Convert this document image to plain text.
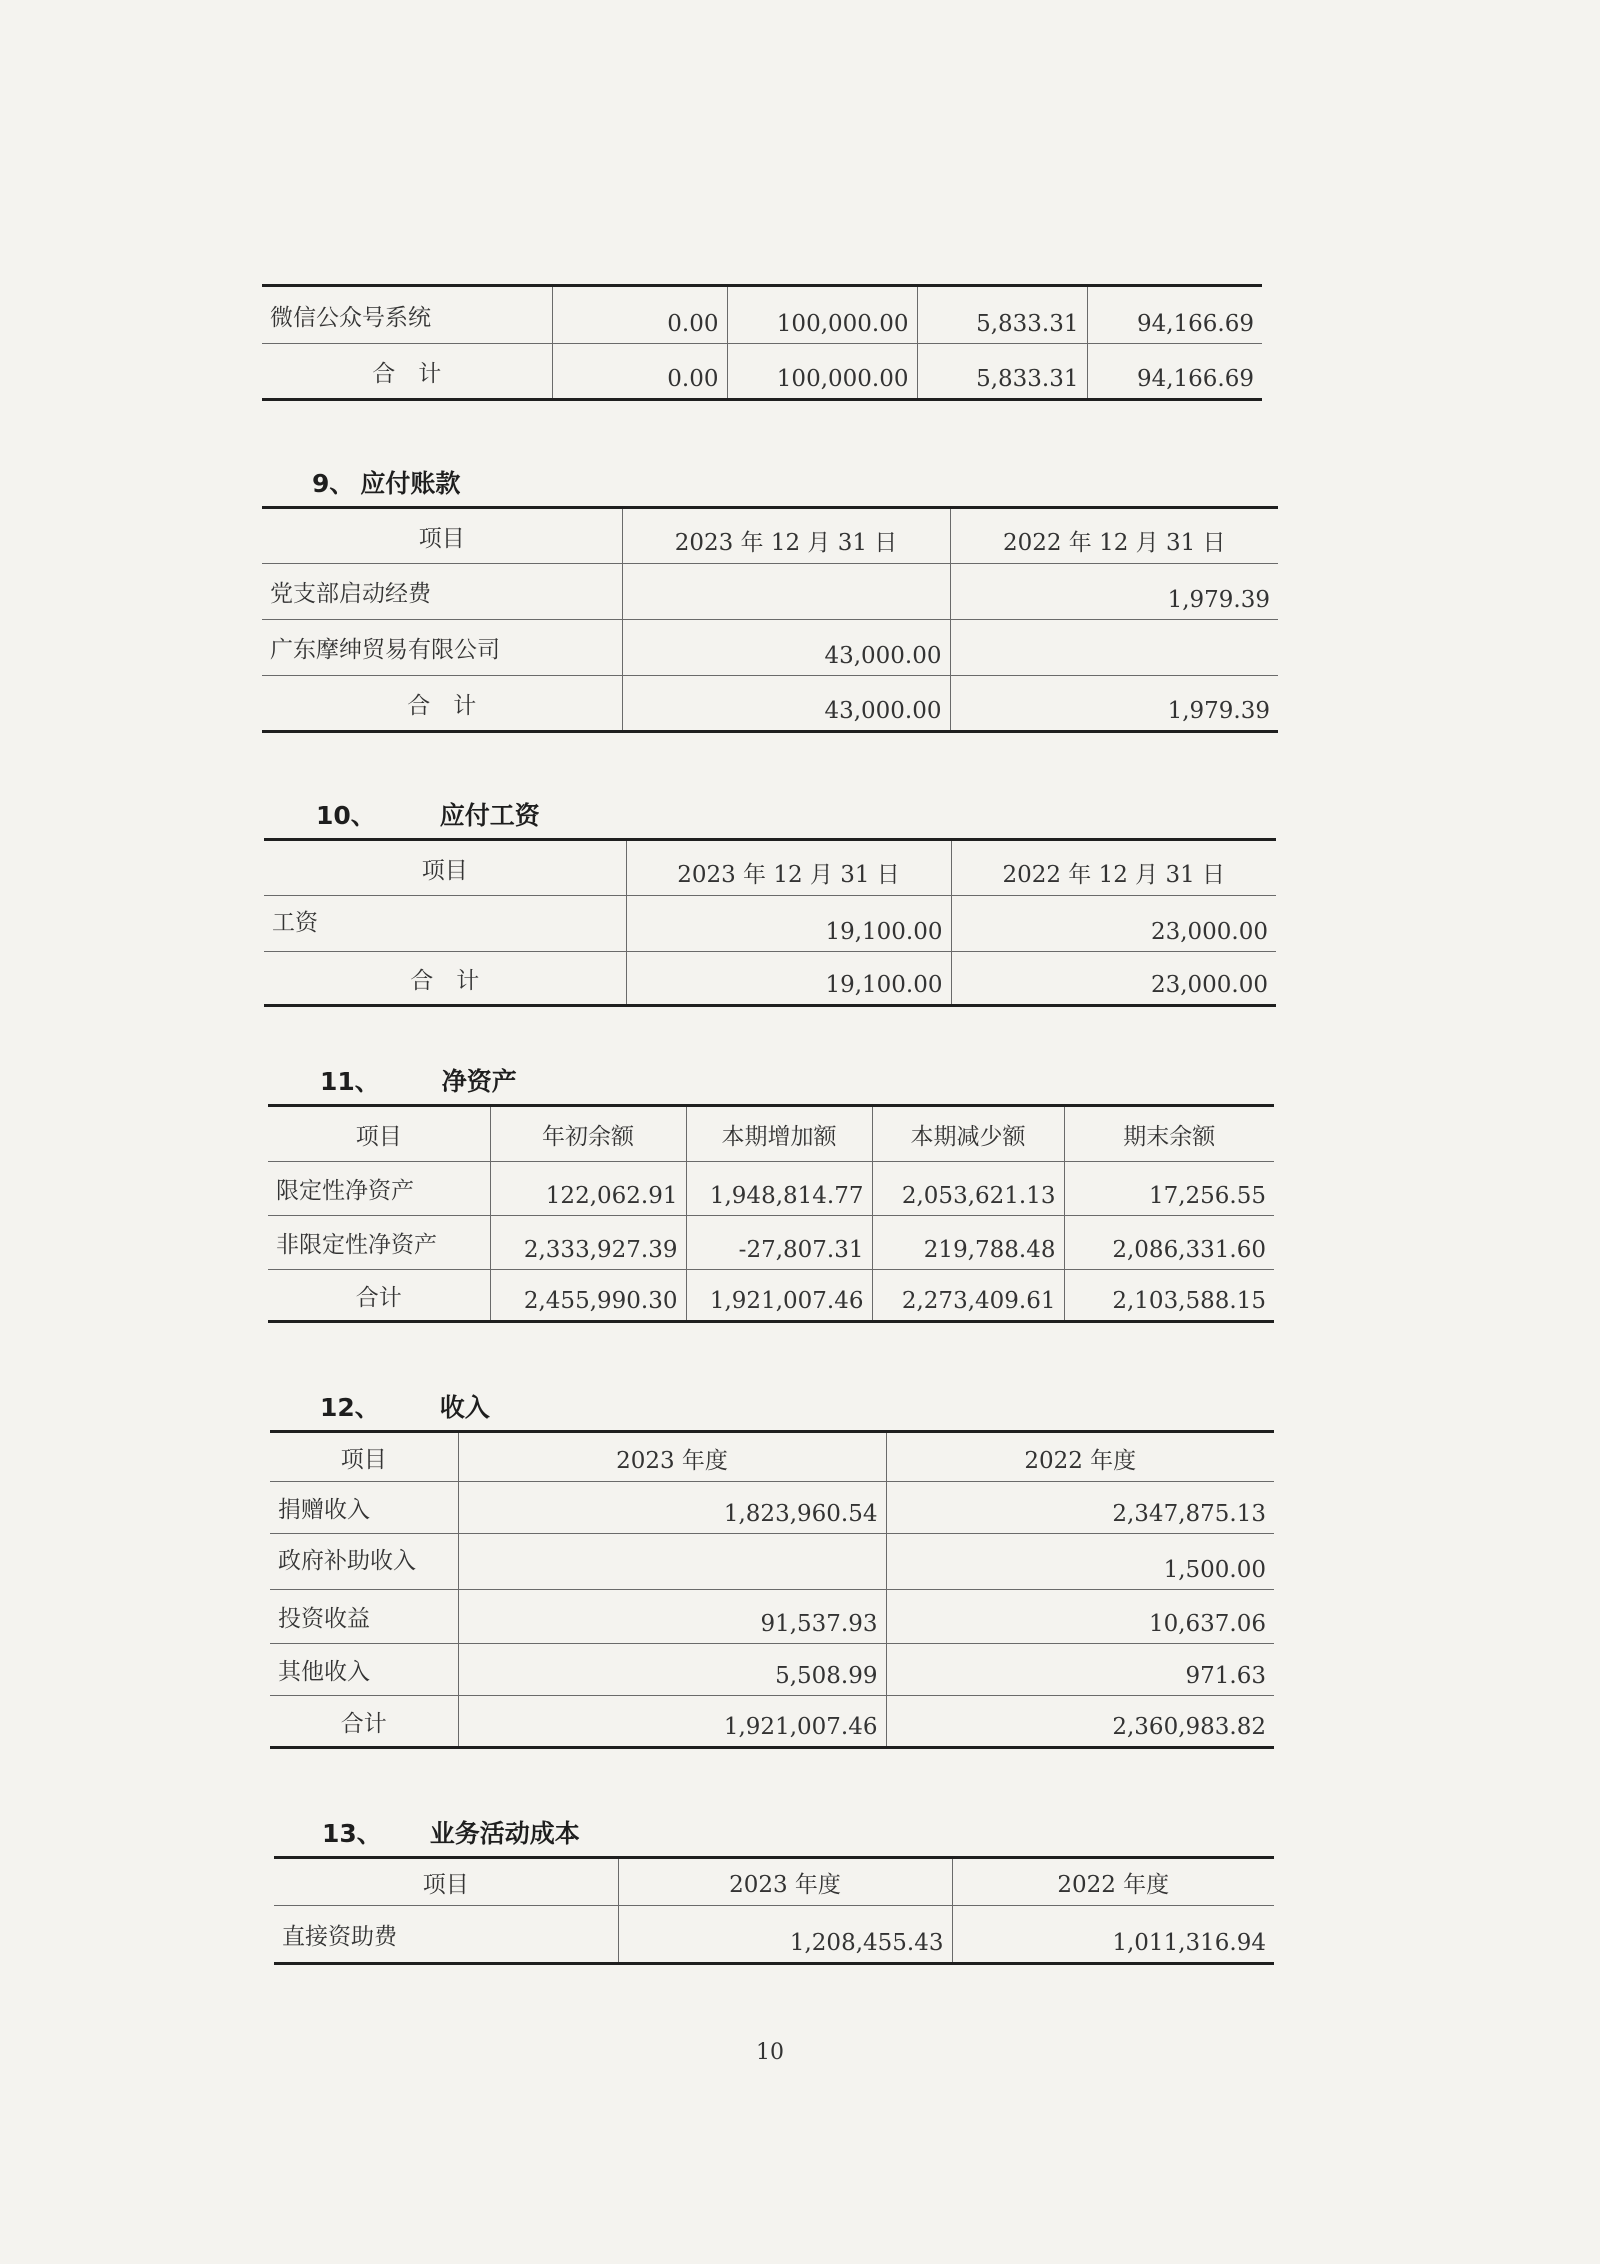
微信公众号系统	0.00	100,000.00	5,833.31	94,166.69
合　计	0.00	100,000.00	5,833.31	94,166.69
9、 应付账款
项目	2023 年 12 月 31 日	2022 年 12 月 31 日
党支部启动经费		1,979.39
广东摩绅贸易有限公司	43,000.00	
合　计	43,000.00	1,979.39
10、	应付工资
项目	2023 年 12 月 31 日	2022 年 12 月 31 日
工资	19,100.00	23,000.00
合　计	19,100.00	23,000.00
11、 净资产
项目	年初余额	本期增加额	本期减少额	期末余额
限定性净资产	122,062.91	1,948,814.77	2,053,621.13	17,256.55
非限定性净资产	2,333,927.39	-27,807.31	219,788.48	2,086,331.60
合计	2,455,990.30	1,921,007.46	2,273,409.61	2,103,588.15
12、 收入
项目	2023 年度	2022 年度
捐赠收入	1,823,960.54	2,347,875.13
政府补助收入		1,500.00
投资收益	91,537.93	10,637.06
其他收入	5,508.99	971.63
合计	1,921,007.46	2,360,983.82
13、 业务活动成本
项目	2023 年度	2022 年度
直接资助费	1,208,455.43	1,011,316.94
10
